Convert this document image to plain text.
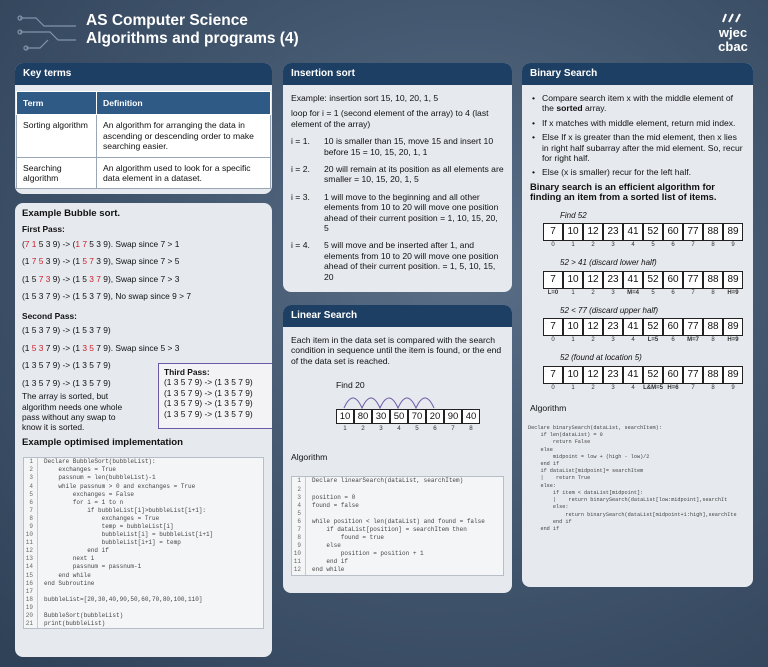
AS Computer Science
Algorithms and programs (4)	wjec
cbac
Key terms
Term	Definition
Sorting algorithm	An algorithm for arranging the data in ascending or descending order to make searching easier.
Searching algorithm	An algorithm used to look for a specific data element in a dataset.
Example Bubble sort.
First Pass:
(7 1 5 3 9) -> (1 7 5 3 9). Swap since 7 > 1
(1 7 5 3 9) -> (1 5 7 3 9), Swap since 7 > 5
(1 5 7 3 9) -> (1 5 3 7 9), Swap since 7 > 3
(1 5 3 7 9) -> (1 5 3 7 9), No swap since 9 > 7
Second Pass:
(1 5 3 7 9) -> (1 5 3 7 9)
(1 5 3 7 9) -> (1 3 5 7 9). Swap since 5 > 3
(1 3 5 7 9) -> (1 3 5 7 9)
(1 3 5 7 9) -> (1 3 5 7 9)
The array is sorted, but algorithm needs one whole pass without any swap to know it is sorted.
Example optimised implementation
Third Pass:
(1 3 5 7 9) -> (1 3 5 7 9)
(1 3 5 7 9) -> (1 3 5 7 9)
(1 3 5 7 9) -> (1 3 5 7 9)
(1 3 5 7 9) -> (1 3 5 7 9)
1	Declare BubbleSort(bubbleList):
2	exchanges = True
3	passnum = len(bubbleList)-1
4	while passnum > 0 and exchanges = True
5	exchanges = False
6	for i = 1 to n
7	if bubbleList[i]>bubbleList[i+1]:
8	exchanges = True
9	temp = bubbleList[i]
10	bubbleList[i] = bubbleList[i+1]
11	bubbleList[i+1] = temp
12	end if
13	next i
14	passnum = passnum-1
15	end while
16	end Subroutine
17
18	bubbleList=[20,30,40,90,50,60,70,80,100,110]
19
20	BubbleSort(bubbleList)
21	print(bubbleList)
Insertion sort
Example: insertion sort 15, 10, 20, 1, 5
loop for i = 1 (second element of the array) to 4 (last element of the array)
i = 1.	10 is smaller than 15, move 15 and insert 10 before 15 = 10, 15, 20, 1, 1
i = 2.	20 will remain at its position as all elements are smaller = 10, 15, 20, 1, 5
i = 3.	1 will move to the beginning and all other elements from 10 to 20 will move one position ahead of their current position = 1, 10, 15, 20, 5
i = 4.	5 will move and be inserted after 1, and elements from 10 to 20 will move one position ahead of their current position. = 1, 5, 10, 15, 20
Linear Search
Each item in the data set is compared with the search condition in sequence until the item is found, or the end of the data set is reached.
Find 20
10 80 30 50 70 20 90 40
1	2	3	4	5	6	7	8
Algorithm
1	Declare linearSearch(dataList, searchItem)
2
3	position = 0
4	found = false
5
6	while position < len(dataList) and found = false
7	if dataList[position] = searchItem then
8	found = true
9	else
10	position = position + 1
11	end if
12	end while
Binary Search
• Compare search item x with the middle element of the sorted array.
• If x matches with middle element, return mid index.
• Else If x is greater than the mid element, then x lies in right half subarray after the mid element. So, recur for right half.
• Else (x is smaller) recur for the left half.
Binary search is an efficient algorithm for finding an item from a sorted list of items.
Find 52
7	10 12 23 41 52 60 77 88 89
0	1	2	3	4	5	6	7	8	9
52 > 41 (discard lower half)
7	10 12 23 41 52 60 77 88 89
L=0	1	2	3	M=4	5	6	7	8	H=9
52 < 77 (discard upper half)
7	10 12 23 41 52 60 77 88 89
0	1	2	3	4	L=5	6	M=7	8	H=9
52 (found at location 5)
7	10 12 23 41 52 60 77 88 89
0	1	2	3	4	L&M=5 H=6	7	8	9
Algorithm
Declare binarySearch(dataList, searchItem):
if len(dataList) = 0
return False
else
midpoint = low + (high - low)/2
end if
if dataList[midpoint]= searchItem
|    return True
else:
if item < dataList[midpoint]:
|    return binarySearch(dataList[low:midpoint],searchIt
else:
return binarySearch(dataList[midpoint+1:high],searchIte
end if
end if
